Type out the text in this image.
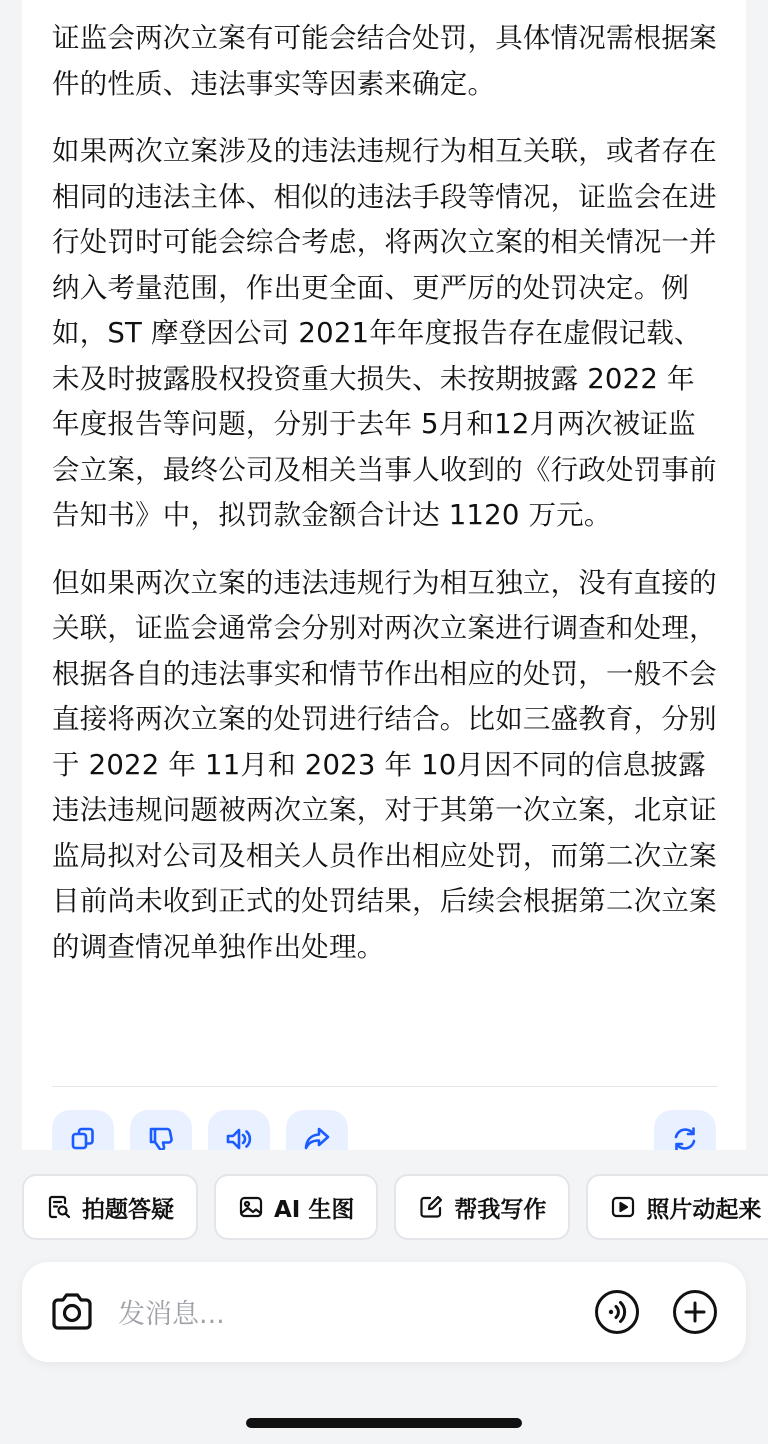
证监会两次立案有可能会结合处罚，具体情况需根据案件的性质、违法事实等因素来确定。

如果两次立案涉及的违法违规行为相互关联，或者存在相同的违法主体、相似的违法手段等情况，证监会在进行处罚时可能会综合考虑，将两次立案的相关情况一并纳入考量范围，作出更全面、更严厉的处罚决定。例如，ST 摩登因公司 2021年年度报告存在虚假记载、未及时披露股权投资重大损失、未按期披露 2022 年年度报告等问题，分别于去年 5月和12月两次被证监会立案，最终公司及相关当事人收到的《行政处罚事前告知书》中，拟罚款金额合计达 1120 万元。

但如果两次立案的违法违规行为相互独立，没有直接的关联，证监会通常会分别对两次立案进行调查和处理，根据各自的违法事实和情节作出相应的处罚，一般不会直接将两次立案的处罚进行结合。比如三盛教育，分别于 2022 年 11月和 2023 年 10月因不同的信息披露违法违规问题被两次立案，对于其第一次立案，北京证监局拟对公司及相关人员作出相应处罚，而第二次立案目前尚未收到正式的处罚结果，后续会根据第二次立案的调查情况单独作出处理。

拍题答疑	AI 生图	帮我写作	照片动起来
发消息...
